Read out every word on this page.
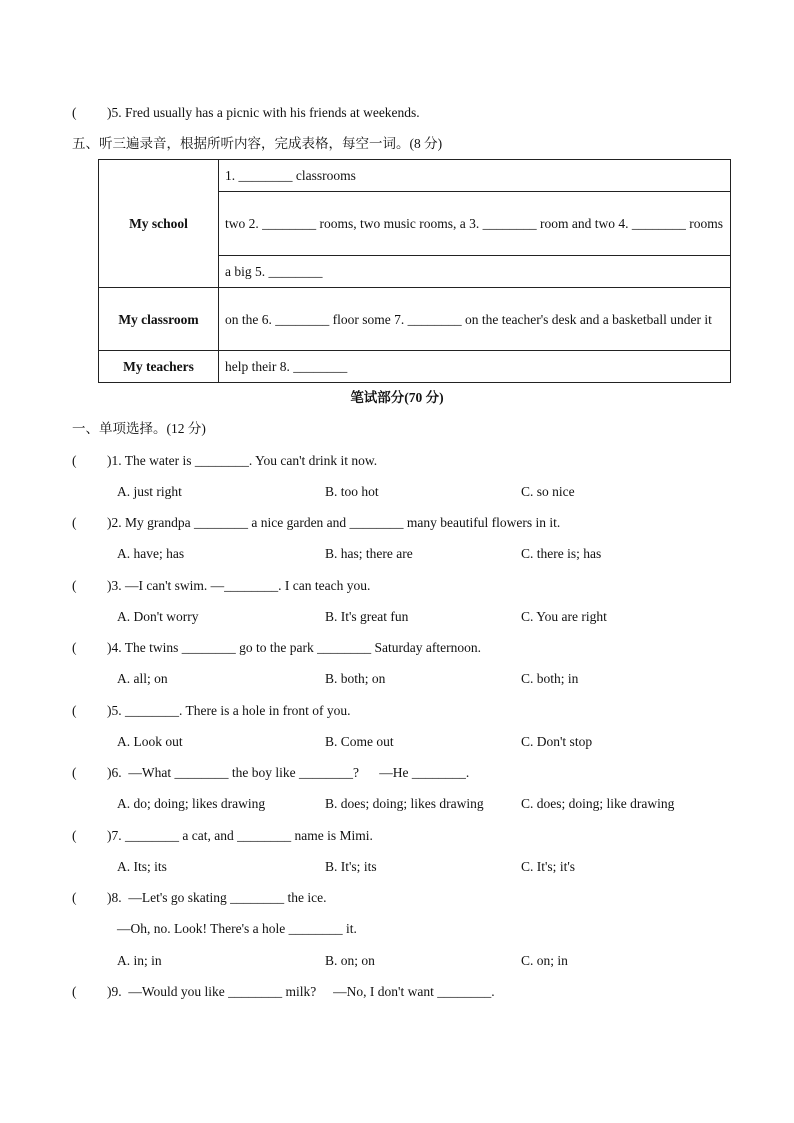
( )5. Fred usually has a picnic with his friends at weekends.
五、听三遍录音，根据所听内容，完成表格，每空一词。(8 分)
My school	1. ________ classrooms
	two 2. ________ rooms, two music rooms, a 3. ________ room and two 4. ________ rooms
	a big 5. ________
My classroom	on the 6. ________ floor some 7. ________ on the teacher's desk and a basketball under it
My teachers	help their 8. ________
笔试部分(70 分)
一、单项选择。(12 分)
( )1. The water is ________. You can't drink it now.
A. just right	B. too hot	C. so nice
( )2. My grandpa ________ a nice garden and ________ many beautiful flowers in it.
A. have; has	B. has; there are	C. there is; has
( )3. —I can't swim. —________. I can teach you.
A. Don't worry	B. It's great fun	C. You are right
( )4. The twins ________ go to the park ________ Saturday afternoon.
A. all; on	B. both; on	C. both; in
( )5. ________. There is a hole in front of you.
A. Look out	B. Come out	C. Don't stop
( )6.  —What ________ the boy like ________?      —He ________.
A. do; doing; likes drawing	B. does; doing; likes drawing	C. does; doing; like drawing
( )7. ________ a cat, and ________ name is Mimi.
A. Its; its	B. It's; its	C. It's; it's
( )8.  —Let's go skating ________ the ice.
—Oh, no. Look! There's a hole ________ it.
A. in; in	B. on; on	C. on; in
( )9.  —Would you like ________ milk?     —No, I don't want ________.
